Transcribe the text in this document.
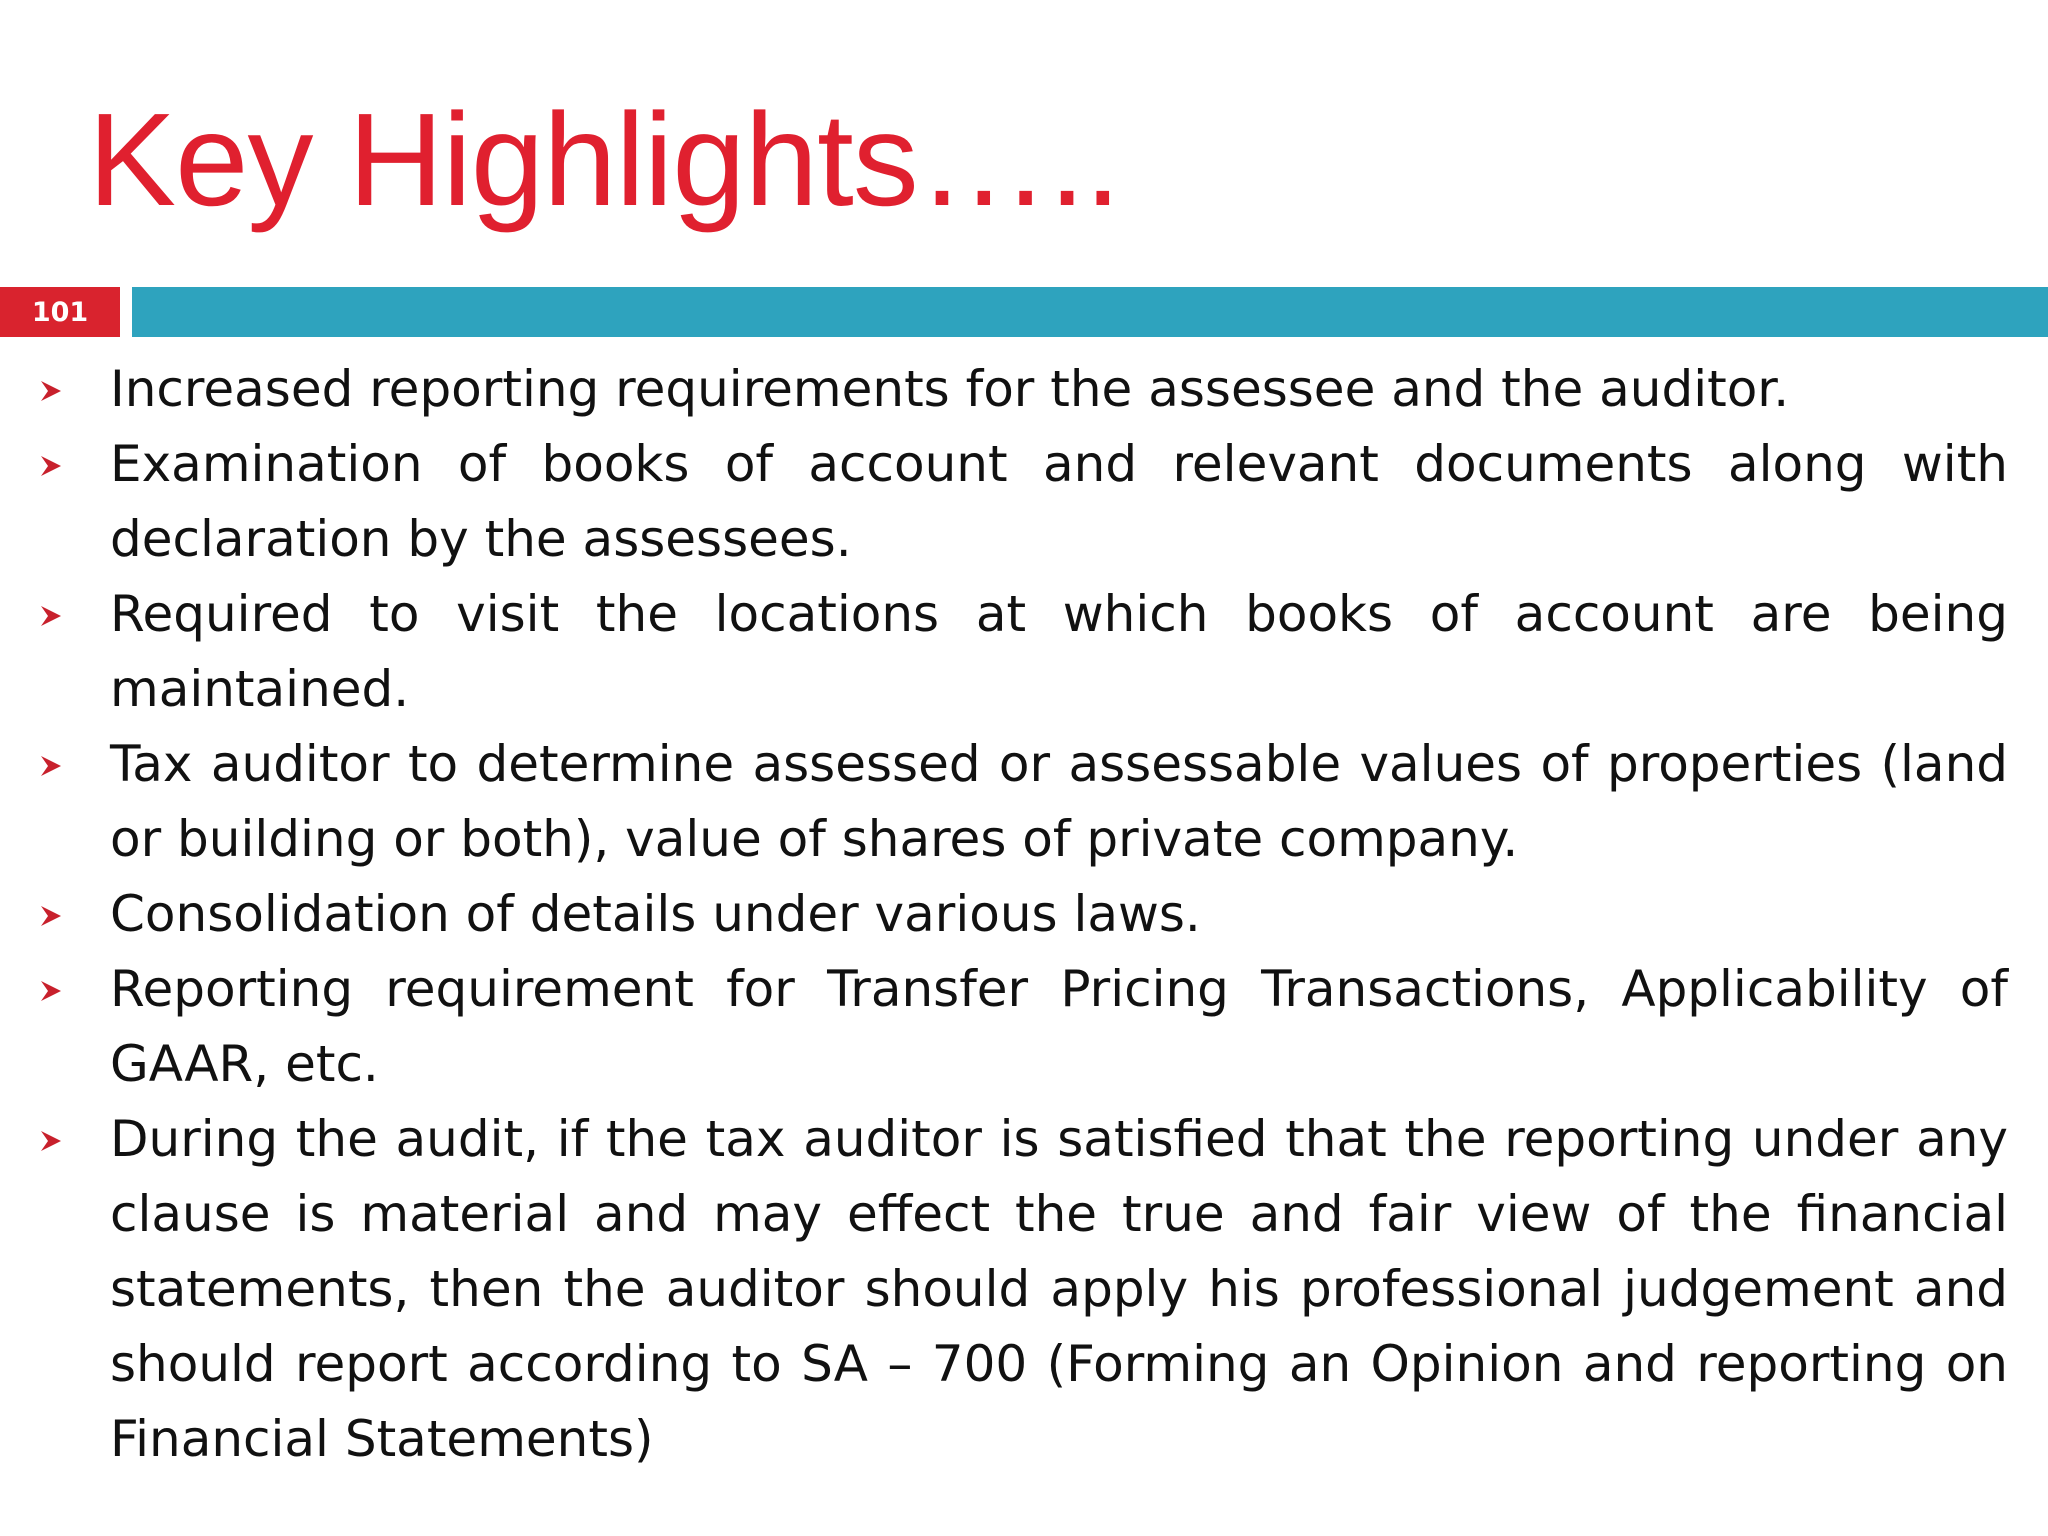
Key Highlights…..
101
Increased reporting requirements for the assessee and the auditor.
Examination of books of account and relevant documents along with declaration by the assessees.
Required to visit the locations at which books of account are being maintained.
Tax auditor to determine assessed or assessable values of properties (land or building or both), value of shares of private company.
Consolidation of details under various laws.
Reporting requirement for Transfer Pricing Transactions, Applicability of GAAR, etc.
During the audit, if the tax auditor is satisfied that the reporting under any clause is material and may effect the true and fair view of the financial statements, then the auditor should apply his professional judgement and should report according to SA – 700 (Forming an Opinion and reporting on Financial Statements)
